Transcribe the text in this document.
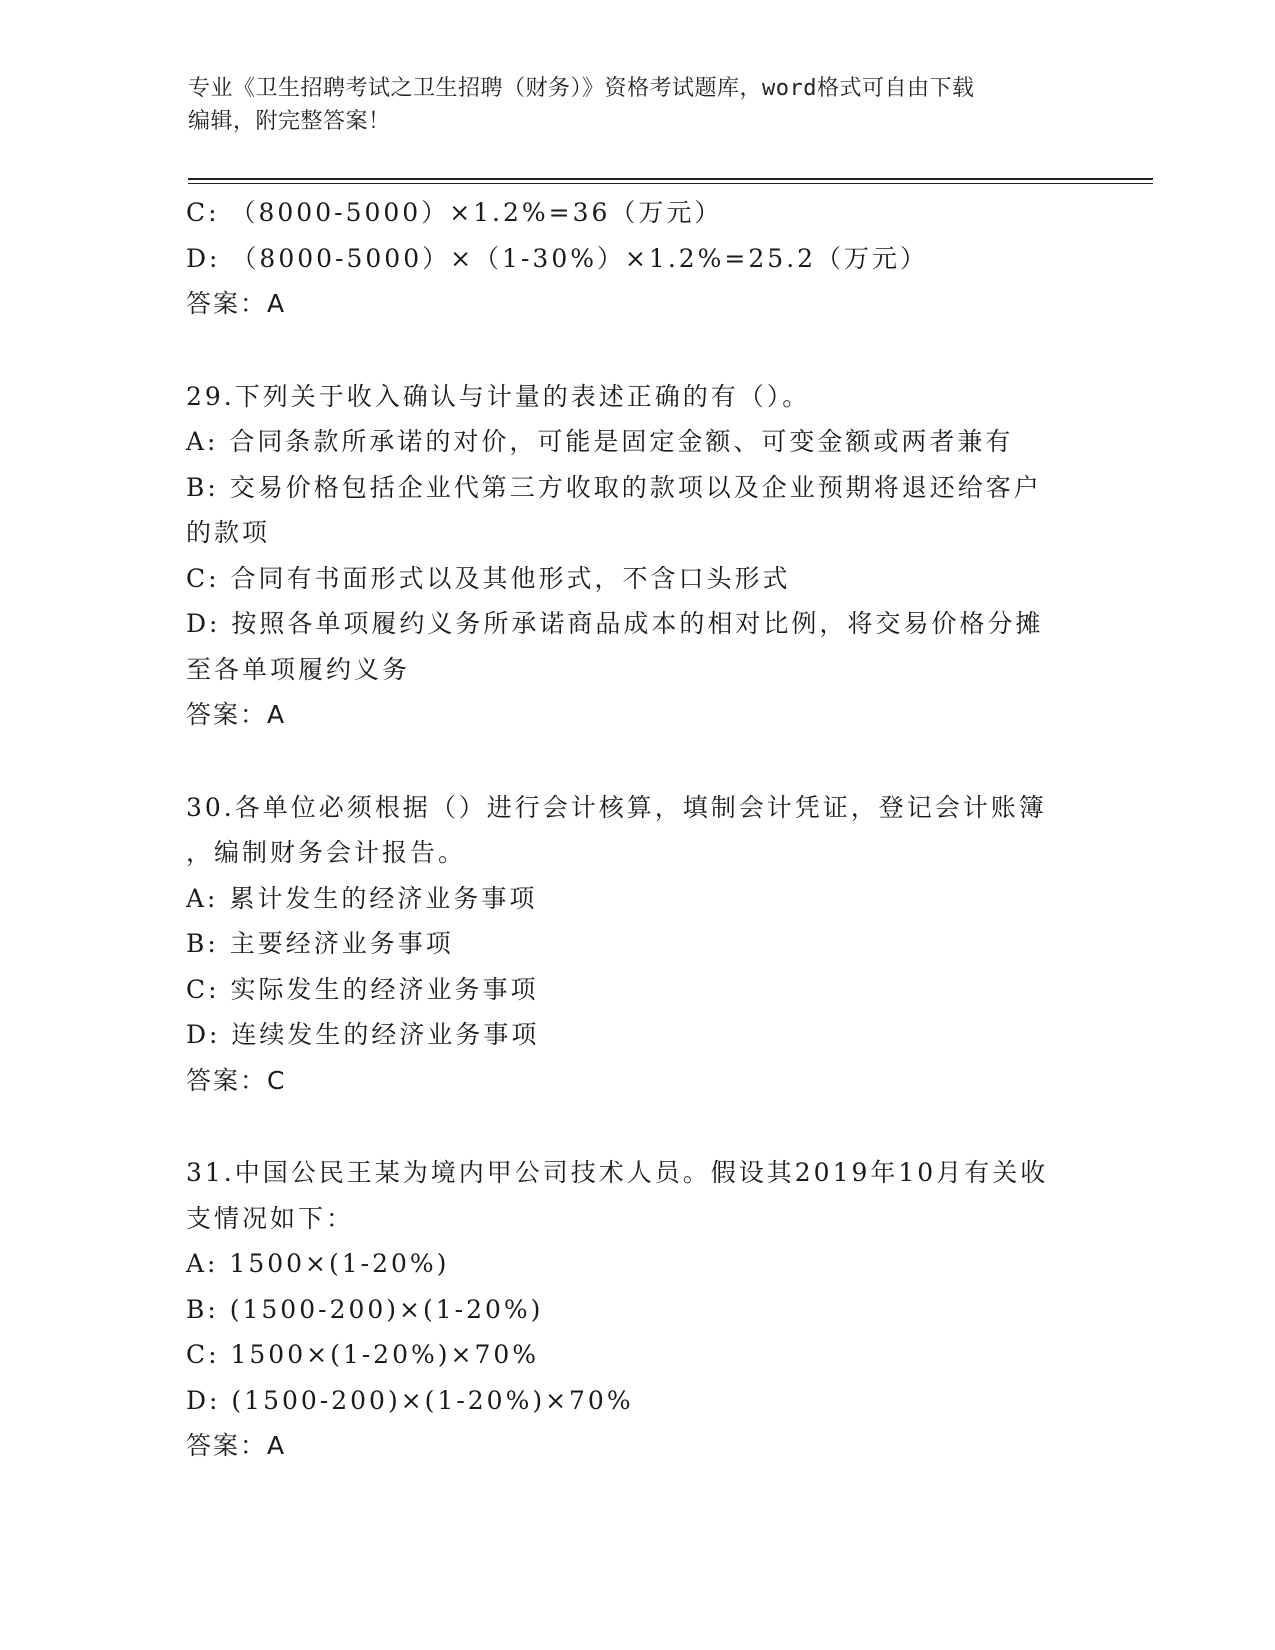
专业《卫生招聘考试之卫生招聘（财务）》资格考试题库，word格式可自由下载
编辑，附完整答案！
C: （8000-5000）×1.2%=36（万元）
D: （8000-5000）×（1-30%）×1.2%=25.2（万元）
答案：A
29.下列关于收入确认与计量的表述正确的有（）。
A: 合同条款所承诺的对价，可能是固定金额、可变金额或两者兼有
B: 交易价格包括企业代第三方收取的款项以及企业预期将退还给客户
的款项
C: 合同有书面形式以及其他形式，不含口头形式
D: 按照各单项履约义务所承诺商品成本的相对比例，将交易价格分摊
至各单项履约义务
答案：A
30.各单位必须根据（）进行会计核算，填制会计凭证，登记会计账簿
，编制财务会计报告。
A: 累计发生的经济业务事项
B: 主要经济业务事项
C: 实际发生的经济业务事项
D: 连续发生的经济业务事项
答案：C
31.中国公民王某为境内甲公司技术人员。假设其2019年10月有关收
支情况如下：
A: 1500×(1-20%)
B: (1500-200)×(1-20%)
C: 1500×(1-20%)×70%
D: (1500-200)×(1-20%)×70%
答案：A
